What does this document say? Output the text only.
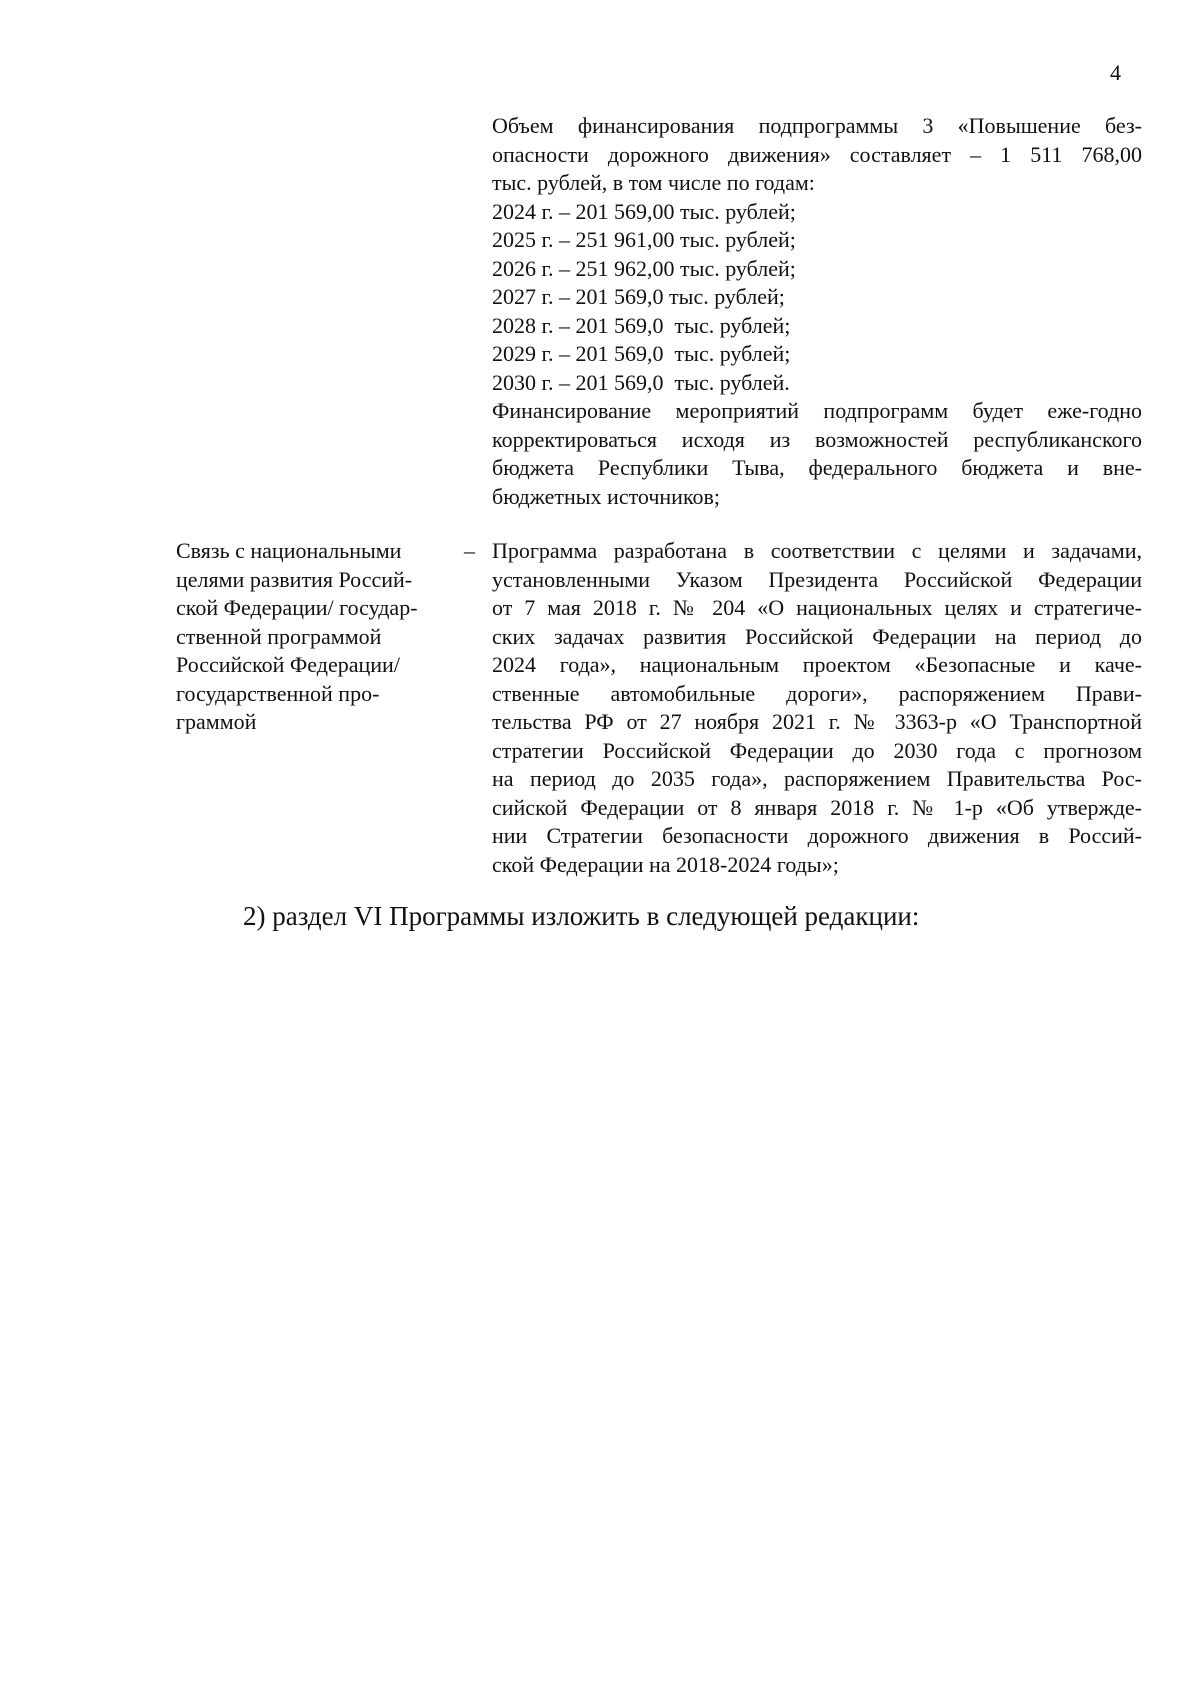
4
Объем финансирования подпрограммы 3 «Повышение без-
опасности дорожного движения» составляет – 1 511 768,00
тыс. рублей, в том числе по годам:
2024 г. – 201 569,00 тыс. рублей;
2025 г. – 251 961,00 тыс. рублей;
2026 г. – 251 962,00 тыс. рублей;
2027 г. – 201 569,0 тыс. рублей;
2028 г. – 201 569,0  тыс. рублей;
2029 г. – 201 569,0  тыс. рублей;
2030 г. – 201 569,0  тыс. рублей.
Финансирование мероприятий подпрограмм будет еже-годно
корректироваться исходя из возможностей республиканского
бюджета Республики Тыва, федерального бюджета и вне-
бюджетных источников;
Связь с национальными
целями развития Россий-
ской Федерации/ государ-
ственной программой
Российской Федерации/
государственной про-
граммой
– Программа разработана в соответствии с целями и задачами,
установленными Указом Президента Российской Федерации
от 7 мая 2018 г. № 204 «О национальных целях и стратегиче-
ских задачах развития Российской Федерации на период до
2024 года», национальным проектом «Безопасные и каче-
ственные автомобильные дороги», распоряжением Прави-
тельства РФ от 27 ноября 2021 г. № 3363-р «О Транспортной
стратегии Российской Федерации до 2030 года с прогнозом
на период до 2035 года», распоряжением Правительства Рос-
сийской Федерации от 8 января 2018 г. № 1-р «Об утвержде-
нии Стратегии безопасности дорожного движения в Россий-
ской Федерации на 2018-2024 годы»;
2) раздел VI Программы изложить в следующей редакции:
